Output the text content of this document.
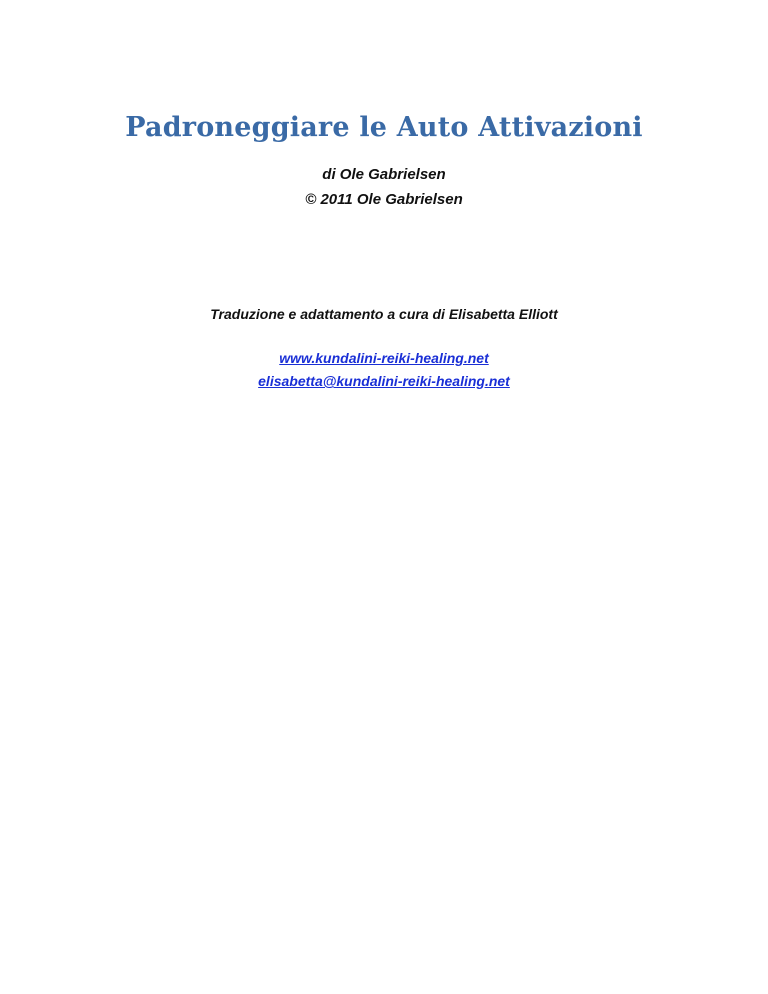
Padroneggiare le Auto Attivazioni
di Ole Gabrielsen
© 2011 Ole Gabrielsen
Traduzione e adattamento a cura di Elisabetta Elliott
www.kundalini-reiki-healing.net
elisabetta@kundalini-reiki-healing.net
